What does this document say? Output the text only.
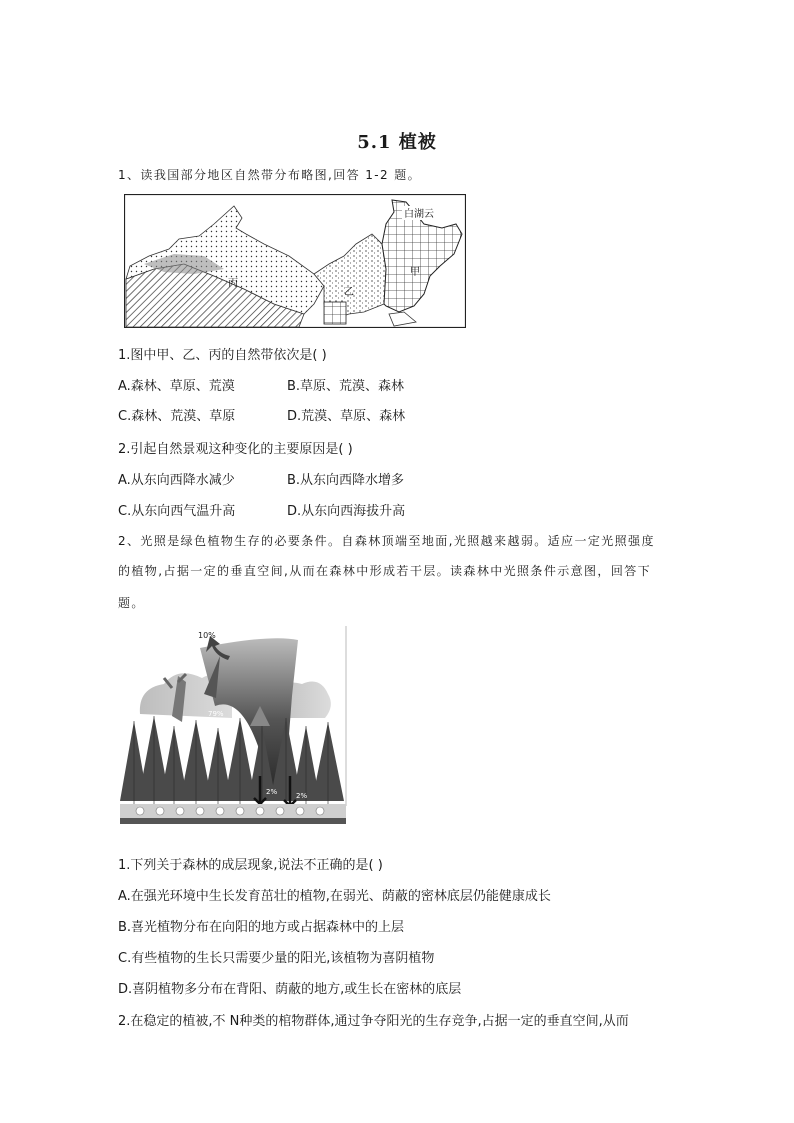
5.1 植被
1、读我国部分地区自然带分布略图,回答 1-2 题。
丙
乙
甲
白湖云
1.图中甲、乙、丙的自然带依次是( )
A.森林、草原、荒漠	B.草原、荒漠、森林
C.森林、荒漠、草原	D.荒漠、草原、森林
2.引起自然景观这种变化的主要原因是( )
A.从东向西降水减少	B.从东向西降水增多
C.从东向西气温升高	D.从东向西海拔升高
2、光照是绿色植物生存的必要条件。自森林顶端至地面,光照越来越弱。适应一定光照强度
的植物,占据一定的垂直空间,从而在森林中形成若干层。读森林中光照条件示意图，回答下
题。
10%
79%
2%	2%
1.下列关于森林的成层现象,说法不正确的是( )
A.在强光环境中生长发育茁壮的植物,在弱光、荫蔽的密林底层仍能健康成长
B.喜光植物分布在向阳的地方或占据森林中的上层
C.有些植物的生长只需要少量的阳光,该植物为喜阴植物
D.喜阴植物多分布在背阳、荫蔽的地方,或生长在密林的底层
2.在稳定的植被,不 N种类的棺物群体,通过争夺阳光的生存竞争,占据一定的垂直空间,从而
